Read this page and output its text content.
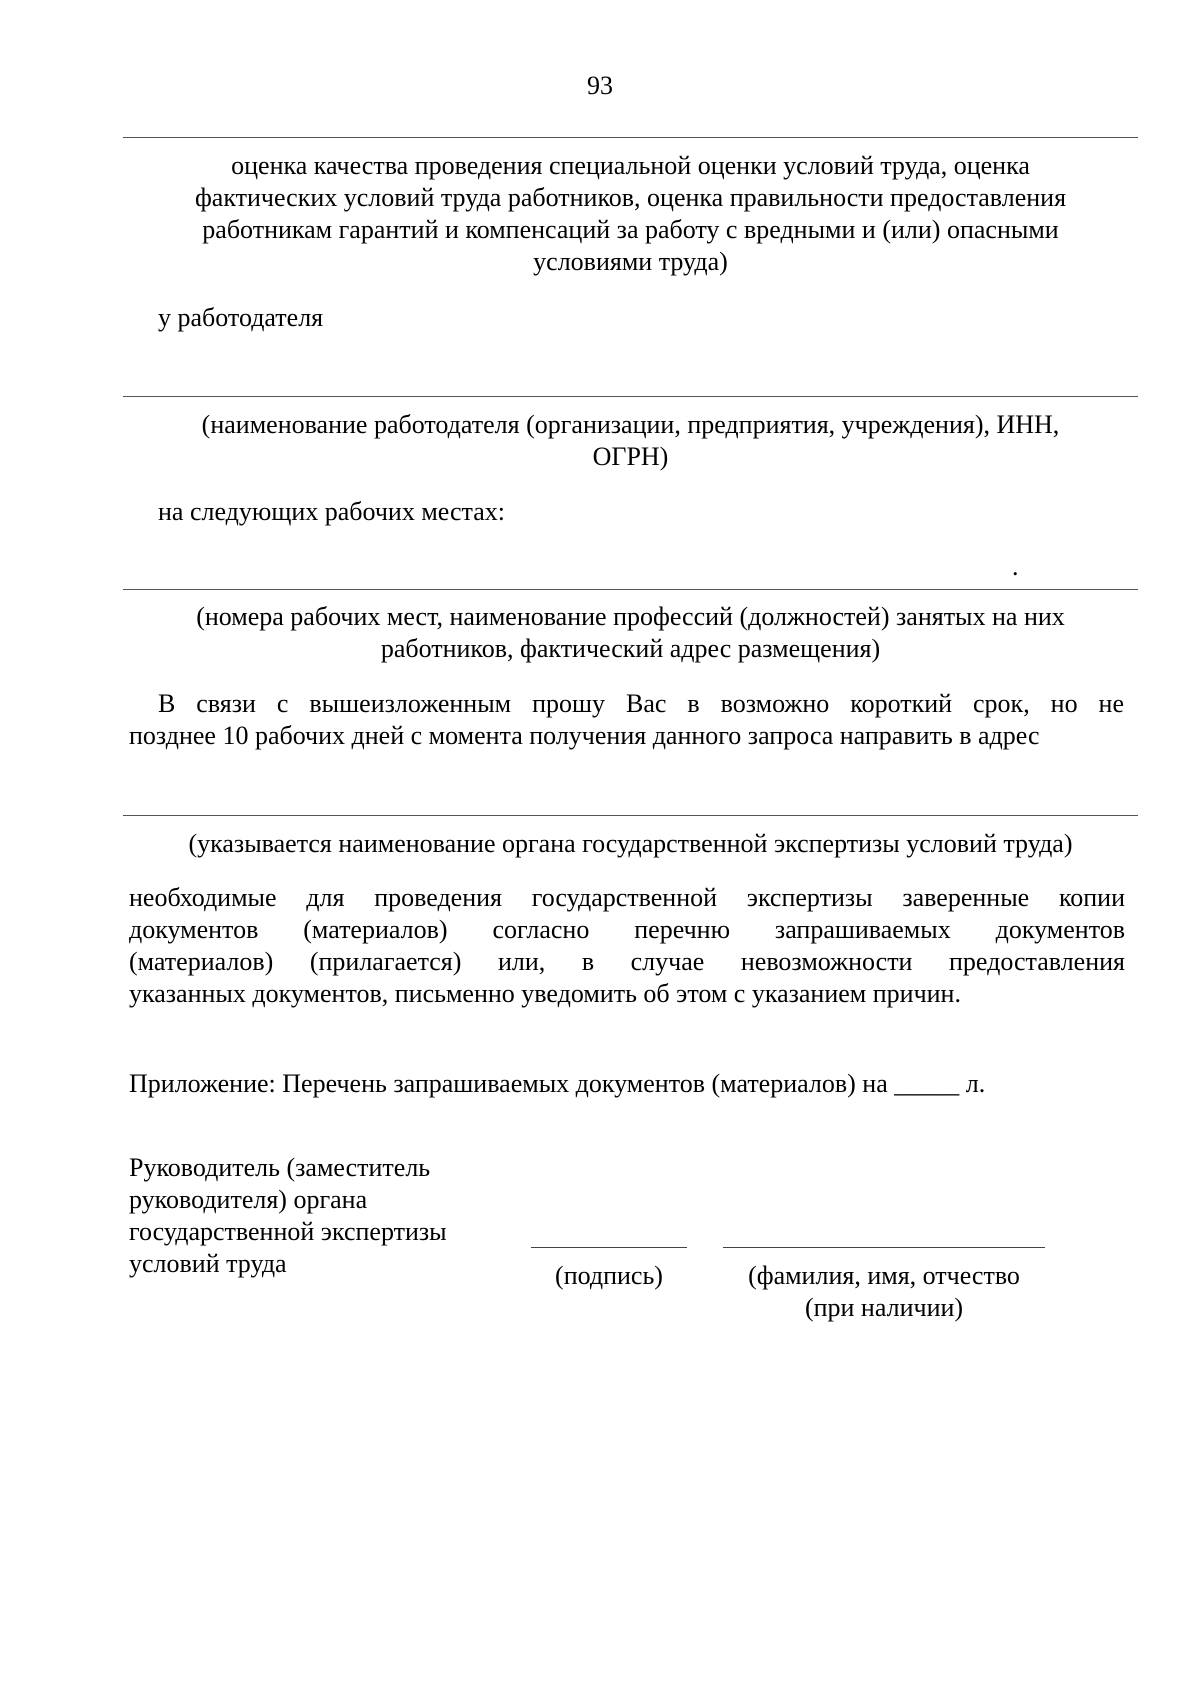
93
оценка качества проведения специальной оценки условий труда, оценка
фактических условий труда работников, оценка правильности предоставления
работникам гарантий и компенсаций за работу с вредными и (или) опасными
условиями труда)
у работодателя
(наименование работодателя (организации, предприятия, учреждения), ИНН,
ОГРН)
на следующих рабочих местах:
.
(номера рабочих мест, наименование профессий (должностей) занятых на них
работников, фактический адрес размещения)
В связи с вышеизложенным прошу Вас в возможно короткий срок, но не
позднее 10 рабочих дней с момента получения данного запроса направить в адрес
(указывается наименование органа государственной экспертизы условий труда)
необходимые для проведения государственной экспертизы заверенные копии
документов (материалов) согласно перечню запрашиваемых документов
(материалов) (прилагается) или, в случае невозможности предоставления
указанных документов, письменно уведомить об этом с указанием причин.
Приложение: Перечень запрашиваемых документов (материалов) на _____ л.
Руководитель (заместитель
руководителя) органа
государственной экспертизы
условий труда	(подпись)	(фамилия, имя, отчество
(при наличии)
